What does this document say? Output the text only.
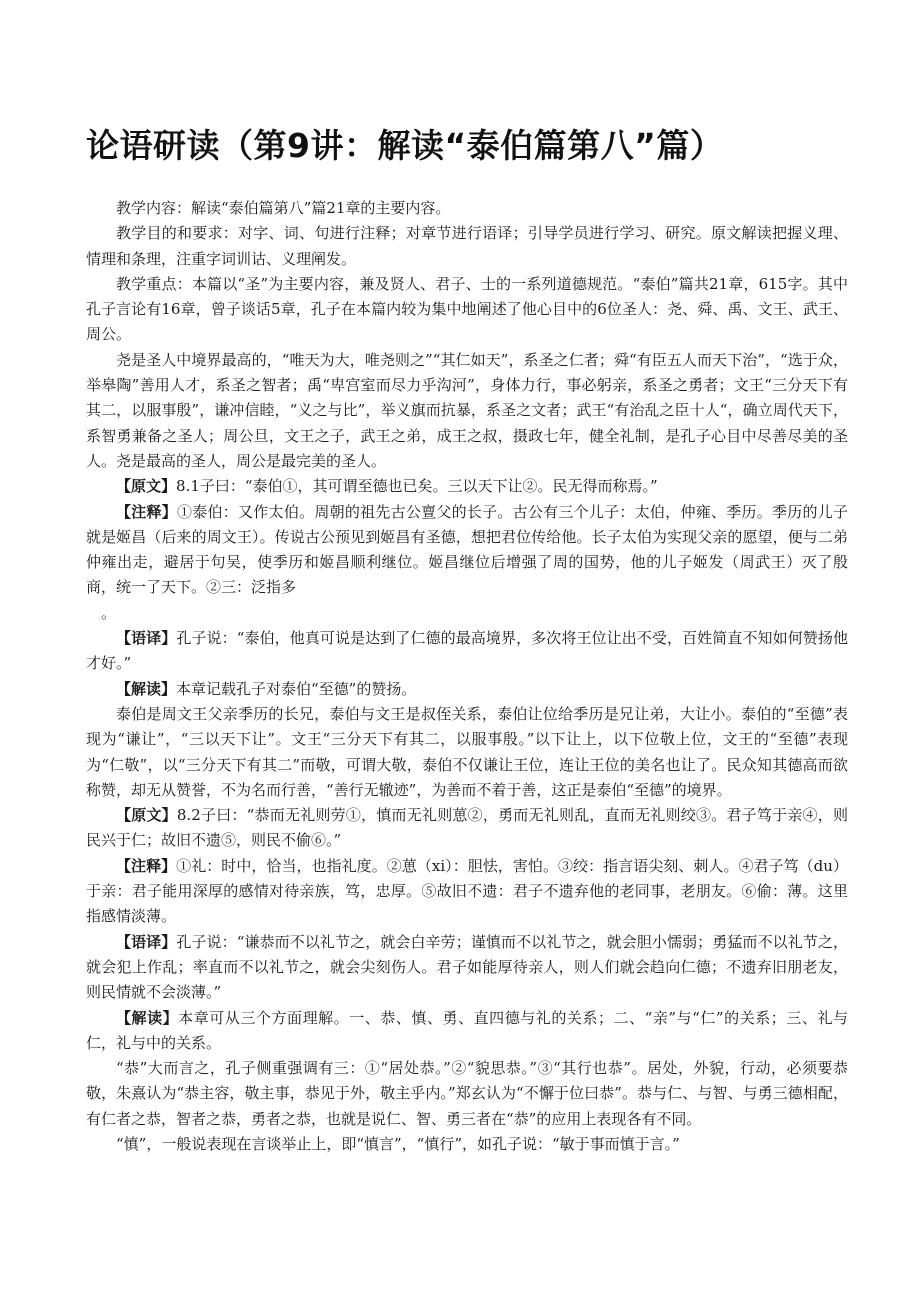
论语研读（第9讲：解读“泰伯篇第八”篇）

教学内容：解读“泰伯篇第八”篇21章的主要内容。

教学目的和要求：对字、词、句进行注释；对章节进行语译；引导学员进行学习、研究。原文解读把握义理、情理和条理，注重字词训诂、义理阐发。

教学重点：本篇以“圣”为主要内容，兼及贤人、君子、士的一系列道德规范。“泰伯”篇共21章，615字。其中孔子言论有16章，曾子谈话5章，孔子在本篇内较为集中地阐述了他心目中的6位圣人：尧、舜、禹、文王、武王、周公。

尧是圣人中境界最高的，“唯天为大，唯尧则之”“其仁如天”，系圣之仁者；舜“有臣五人而天下治”，“选于众，举皋陶”善用人才，系圣之智者；禹“卑宫室而尽力乎沟河”，身体力行，事必躬亲，系圣之勇者；文王“三分天下有其二，以服事殷”，谦冲信睦，“义之与比”，举义旗而抗暴，系圣之文者；武王“有治乱之臣十人“，确立周代天下，系智勇兼备之圣人；周公旦，文王之子，武王之弟，成王之叔，摄政七年，健全礼制，是孔子心目中尽善尽美的圣人。尧是最高的圣人，周公是最完美的圣人。

【原文】8.1子曰：“泰伯①，其可谓至德也已矣。三以天下让②。民无得而称焉。”

【注释】①泰伯：又作太伯。周朝的祖先古公亶父的长子。古公有三个儿子：太伯，仲雍、季历。季历的儿子就是姬昌（后来的周文王）。传说古公预见到姬昌有圣德，想把君位传给他。长子太伯为实现父亲的愿望，便与二弟仲雍出走，避居于句吴，使季历和姬昌顺利继位。姬昌继位后增强了周的国势，他的儿子姬发（周武王）灭了殷商，统一了天下。②三：泛指多

。

【语译】孔子说：“泰伯，他真可说是达到了仁德的最高境界，多次将王位让出不受，百姓简直不知如何赞扬他才好。”

【解读】本章记载孔子对泰伯“至德”的赞扬。

泰伯是周文王父亲季历的长兄，泰伯与文王是叔侄关系，泰伯让位给季历是兄让弟，大让小。泰伯的“至德”表现为“谦让”，“三以天下让”。文王“三分天下有其二，以服事殷。”以下让上，以下位敬上位，文王的“至德”表现为“仁敬”，以“三分天下有其二”而敬，可谓大敬，泰伯不仅谦让王位，连让王位的美名也让了。民众知其德高而欲称赞，却无从赞誉，不为名而行善，“善行无辙迹”，为善而不着于善，这正是泰伯“至德”的境界。

【原文】8.2子曰：“恭而无礼则劳①，慎而无礼则葸②，勇而无礼则乱，直而无礼则绞③。君子笃于亲④，则民兴于仁；故旧不遗⑤，则民不偷⑥。”

【注释】①礼：时中，恰当，也指礼度。②葸（xi）：胆怯，害怕。③绞：指言语尖刻、刺人。④君子笃（du）于亲：君子能用深厚的感情对待亲族，笃，忠厚。⑤故旧不遗：君子不遗弃他的老同事，老朋友。⑥偷：薄。这里指感情淡薄。

【语译】孔子说：“谦恭而不以礼节之，就会白辛劳；谨慎而不以礼节之，就会胆小懦弱；勇猛而不以礼节之，就会犯上作乱；率直而不以礼节之，就会尖刻伤人。君子如能厚待亲人，则人们就会趋向仁德；不遗弃旧朋老友，则民情就不会淡薄。”

【解读】本章可从三个方面理解。一、恭、慎、勇、直四德与礼的关系；二、“亲”与“仁”的关系；三、礼与仁，礼与中的关系。

“恭”大而言之，孔子侧重强调有三：①“居处恭。”②“貌思恭。”③“其行也恭”。居处，外貌，行动，必须要恭敬，朱熹认为“恭主容，敬主事，恭见于外，敬主乎内。”郑玄认为“不懈于位曰恭”。恭与仁、与智、与勇三德相配，有仁者之恭，智者之恭，勇者之恭，也就是说仁、智、勇三者在“恭”的应用上表现各有不同。

“慎”，一般说表现在言谈举止上，即“慎言”，“慎行”，如孔子说：“敏于事而慎于言。”
